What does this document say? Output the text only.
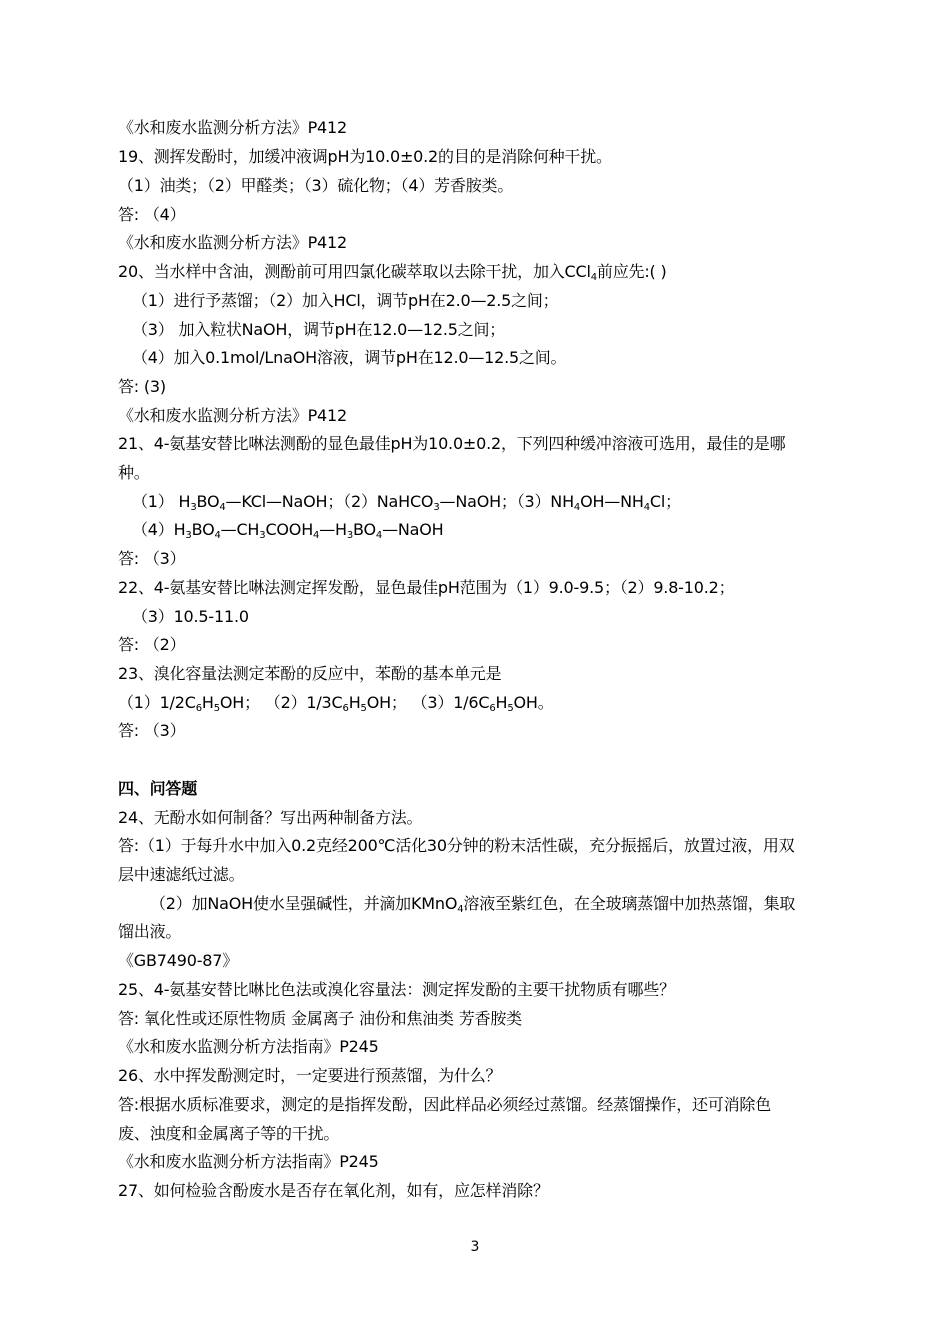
《水和废水监测分析方法》P412
19、测挥发酚时，加缓冲液调pH为10.0±0.2的目的是消除何种干扰。
（1）油类；（2）甲醛类；（3）硫化物；（4）芳香胺类。
答: （4）
《水和废水监测分析方法》P412
20、当水样中含油，测酚前可用四氯化碳萃取以去除干扰，加入CCl$_4$前应先:( )
（1）进行予蒸馏；（2）加入HCl，调节pH在2.0—2.5之间；
（3） 加入粒状NaOH，调节pH在12.0—12.5之间；
（4）加入0.1mol/LnaOH溶液，调节pH在12.0—12.5之间。
答: (3)
《水和废水监测分析方法》P412
21、4-氨基安替比啉法测酚的显色最佳pH为10.0±0.2，下列四种缓冲溶液可选用，最佳的是哪
种。
（1） $H_3BO_4—KCl—NaOH$；（2）NaHCO$_3$—NaOH；$(3)NH_4OH—NH_4Cl$；
$(4)H_3BO_4—CH_3COOH_4—H_3BO_4—NaOH$
答: （3）
22、4-氨基安替比啉法测定挥发酚，显色最佳pH范围为（1）9.0-9.5；（2）9.8-10.2；
（3）10.5-11.0
答: （2）
23、溴化容量法测定苯酚的反应中，苯酚的基本单元是
$(1)1/2C_6H_5OH$； $(2)1/3C_6H_5OH$； $(3)1/6C_6H_5OH$。
答: （3）
四、问答题
24、无酚水如何制备？写出两种制备方法。
答:（1）于每升水中加入0.2克经200℃活化30分钟的粉末活性碳，充分振摇后，放置过液，用双
层中速滤纸过滤。
（2）加NaOH使水呈强碱性，并滴加KMnO$_4$溶液至紫红色，在全玻璃蒸馏中加热蒸馏，集取
馏出液。
《GB7490-87》
25、4-氨基安替比啉比色法或溴化容量法：测定挥发酚的主要干扰物质有哪些？
答: 氧化性或还原性物质 金属离子 油份和焦油类 芳香胺类
《水和废水监测分析方法指南》P245
26、水中挥发酚测定时，一定要进行预蒸馏，为什么？
答:根据水质标准要求，测定的是指挥发酚，因此样品必须经过蒸馏。经蒸馏操作，还可消除色
废、浊度和金属离子等的干扰。
《水和废水监测分析方法指南》P245
27、如何检验含酚废水是否存在氧化剂，如有，应怎样消除？
3
